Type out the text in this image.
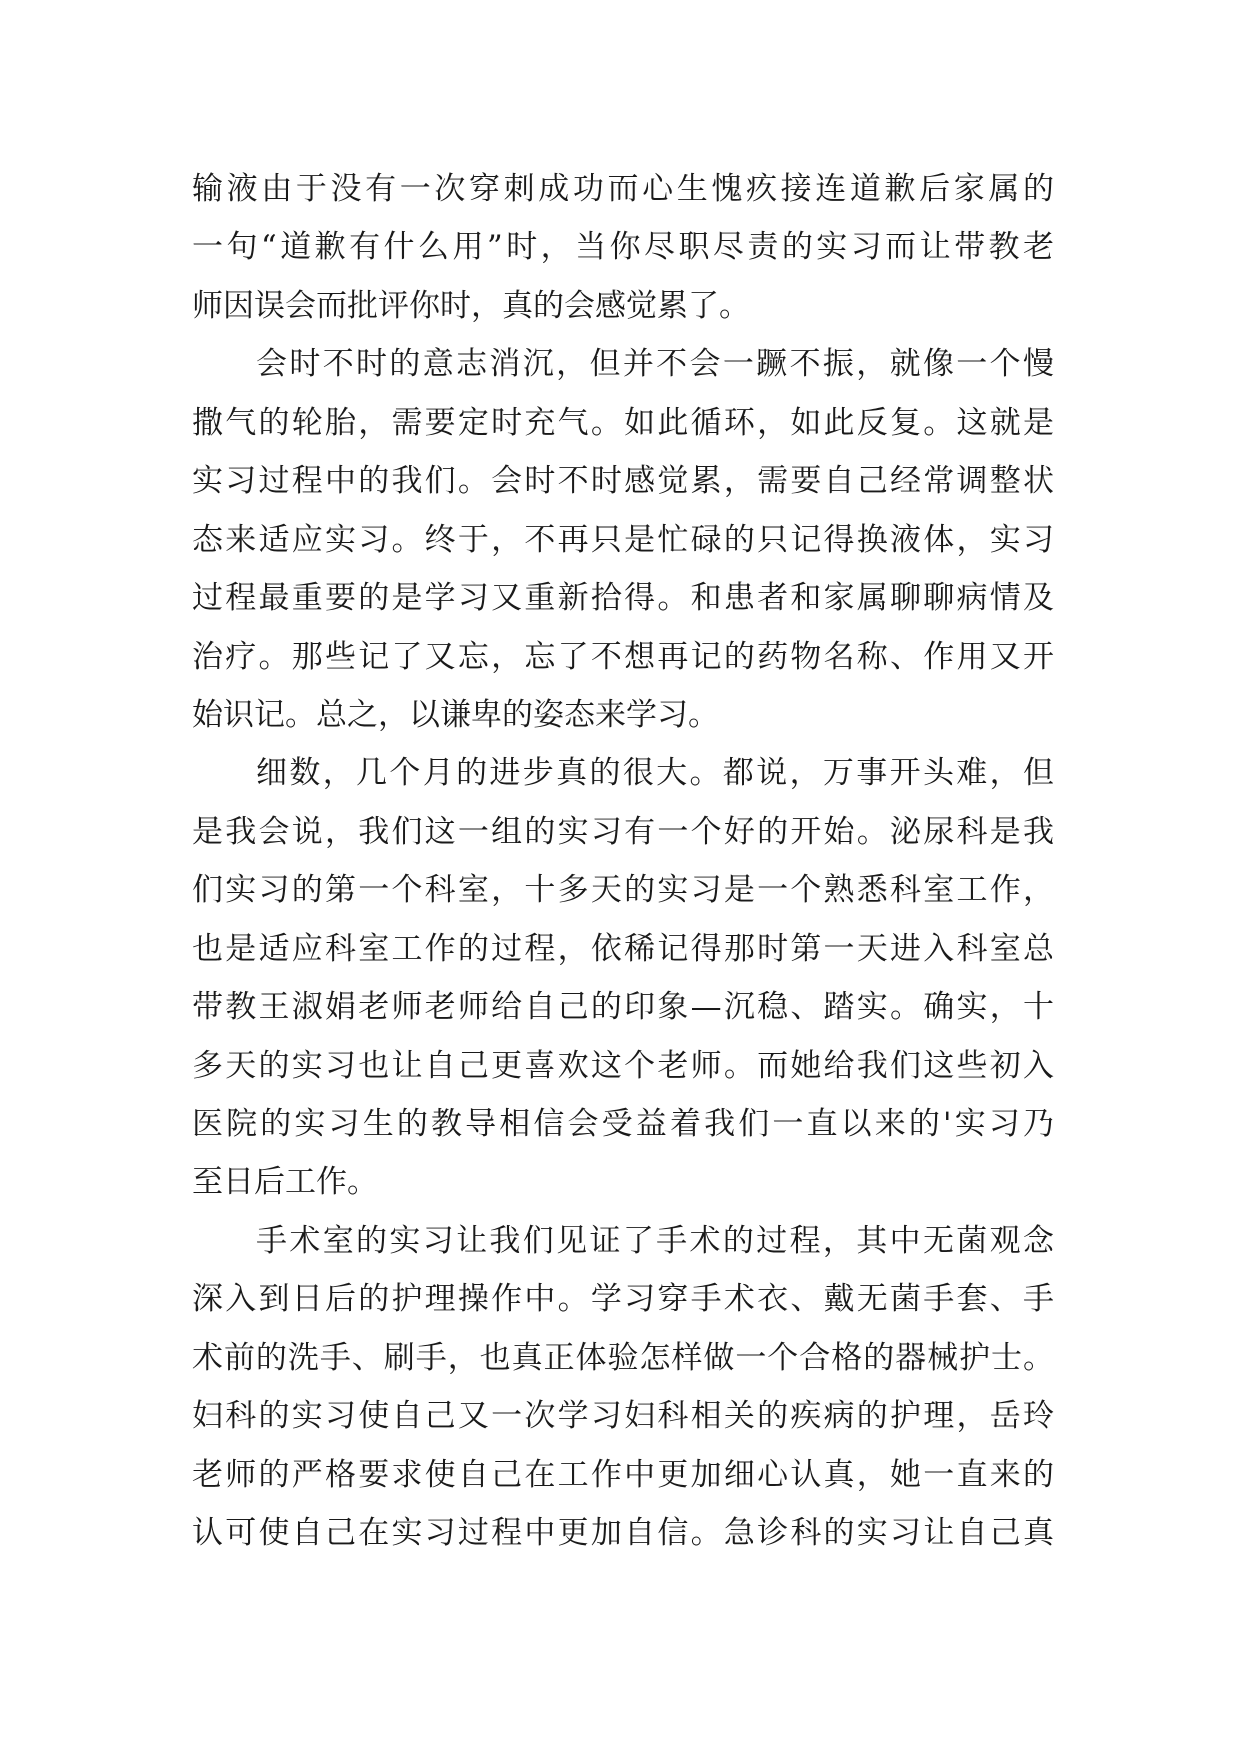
输液由于没有一次穿刺成功而心生愧疚接连道歉后家属的
一句“道歉有什么用”时，当你尽职尽责的实习而让带教老
师因误会而批评你时，真的会感觉累了。
会时不时的意志消沉，但并不会一蹶不振，就像一个慢
撒气的轮胎，需要定时充气。如此循环，如此反复。这就是
实习过程中的我们。会时不时感觉累，需要自己经常调整状
态来适应实习。终于，不再只是忙碌的只记得换液体，实习
过程最重要的是学习又重新拾得。和患者和家属聊聊病情及
治疗。那些记了又忘，忘了不想再记的药物名称、作用又开
始识记。总之，以谦卑的姿态来学习。
细数，几个月的进步真的很大。都说，万事开头难，但
是我会说，我们这一组的实习有一个好的开始。泌尿科是我
们实习的第一个科室，十多天的实习是一个熟悉科室工作，
也是适应科室工作的过程，依稀记得那时第一天进入科室总
带教王淑娟老师老师给自己的印象—沉稳、踏实。确实，十
多天的实习也让自己更喜欢这个老师。而她给我们这些初入
医院的实习生的教导相信会受益着我们一直以来的'实习乃
至日后工作。
手术室的实习让我们见证了手术的过程，其中无菌观念
深入到日后的护理操作中。学习穿手术衣、戴无菌手套、手
术前的洗手、刷手，也真正体验怎样做一个合格的器械护士。
妇科的实习使自己又一次学习妇科相关的疾病的护理，岳玲
老师的严格要求使自己在工作中更加细心认真，她一直来的
认可使自己在实习过程中更加自信。急诊科的实习让自己真
